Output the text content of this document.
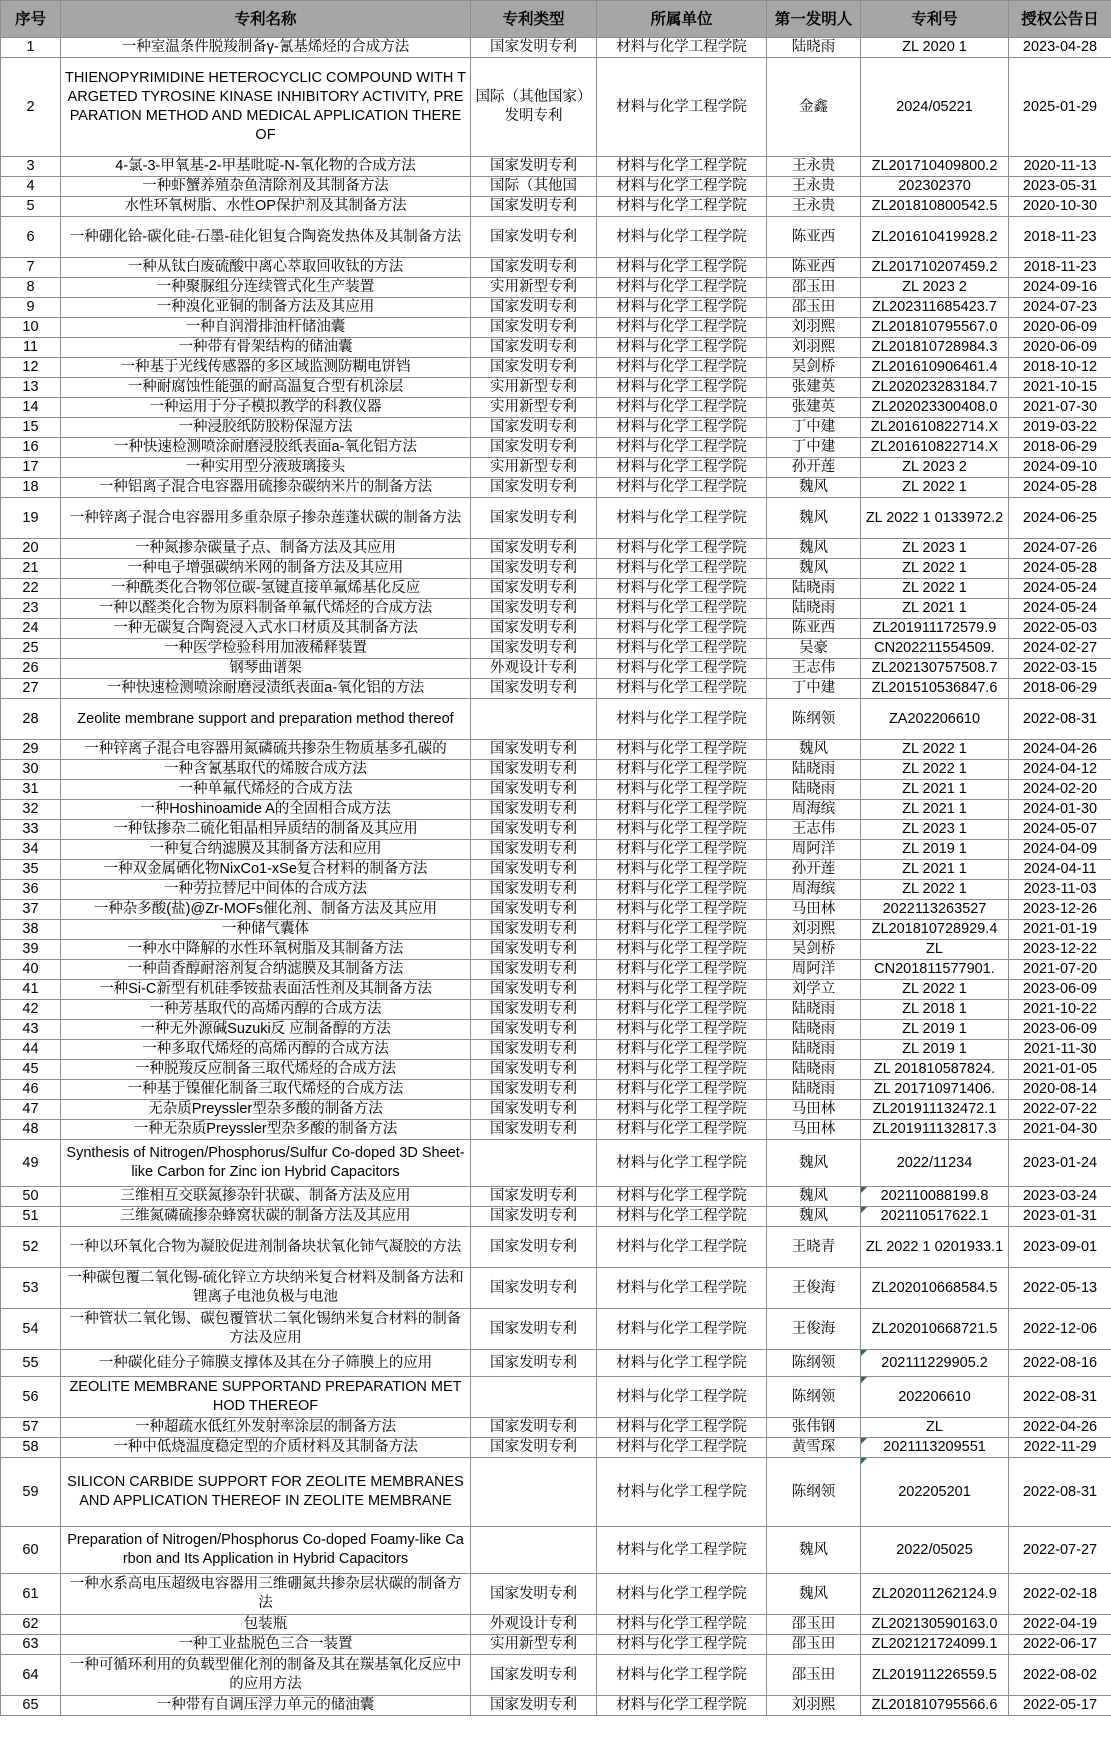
序号	专利名称	专利类型	所属单位	第一发明人	专利号	授权公告日
1	一种室温条件脱羧制备γ-氰基烯烃的合成方法	国家发明专利	材料与化学工程学院	陆晓雨	ZL 2020 1	2023-04-28
2	THIENOPYRIMIDINE HETEROCYCLIC COMPOUND WITH TARGETED TYROSINE KINASE INHIBITORY ACTIVITY, PREPARATION METHOD AND MEDICAL APPLICATION THEREOF	国际（其他国家）发明专利	材料与化学工程学院	金鑫	2024/05221	2025-01-29
3	4-氯-3-甲氧基-2-甲基吡啶-N-氧化物的合成方法	国家发明专利	材料与化学工程学院	王永贵	ZL201710409800.2	2020-11-13
4	一种虾蟹养殖杂鱼清除剂及其制备方法	国际（其他国	材料与化学工程学院	王永贵	202302370	2023-05-31
5	水性环氧树脂、水性OP保护剂及其制备方法	国家发明专利	材料与化学工程学院	王永贵	ZL201810800542.5	2020-10-30
6	一种硼化铪-碳化硅-石墨-硅化钽复合陶瓷发热体及其制备方法	国家发明专利	材料与化学工程学院	陈亚西	ZL201610419928.2	2018-11-23
7	一种从钛白废硫酸中离心萃取回收钛的方法	国家发明专利	材料与化学工程学院	陈亚西	ZL201710207459.2	2018-11-23
8	一种聚脲组分连续管式化生产装置	实用新型专利	材料与化学工程学院	邵玉田	ZL 2023 2	2024-09-16
9	一种溴化亚铜的制备方法及其应用	国家发明专利	材料与化学工程学院	邵玉田	ZL202311685423.7	2024-07-23
10	一种自润滑排油杆储油囊	国家发明专利	材料与化学工程学院	刘羽熙	ZL201810795567.0	2020-06-09
11	一种带有骨架结构的储油囊	国家发明专利	材料与化学工程学院	刘羽熙	ZL201810728984.3	2020-06-09
12	一种基于光线传感器的多区域监测防糊电饼铛	国家发明专利	材料与化学工程学院	吴剑桥	ZL201610906461.4	2018-10-12
13	一种耐腐蚀性能强的耐高温复合型有机涂层	实用新型专利	材料与化学工程学院	张建英	ZL202023283184.7	2021-10-15
14	一种运用于分子模拟教学的科教仪器	实用新型专利	材料与化学工程学院	张建英	ZL202023300408.0	2021-07-30
15	一种浸胶纸防胶粉保湿方法	国家发明专利	材料与化学工程学院	丁中建	ZL201610822714.X	2019-03-22
16	一种快速检测喷涂耐磨浸胶纸表面a-氧化铝方法	国家发明专利	材料与化学工程学院	丁中建	ZL201610822714.X	2018-06-29
17	一种实用型分液玻璃接头	实用新型专利	材料与化学工程学院	孙开莲	ZL 2023 2	2024-09-10
18	一种铝离子混合电容器用硫掺杂碳纳米片的制备方法	国家发明专利	材料与化学工程学院	魏风	ZL 2022 1	2024-05-28
19	一种锌离子混合电容器用多重杂原子掺杂莲蓬状碳的制备方法	国家发明专利	材料与化学工程学院	魏风	ZL 2022 1 0133972.2	2024-06-25
20	一种氮掺杂碳量子点、制备方法及其应用	国家发明专利	材料与化学工程学院	魏风	ZL 2023 1	2024-07-26
21	一种电子增强碳纳米网的制备方法及其应用	国家发明专利	材料与化学工程学院	魏风	ZL 2022 1	2024-05-28
22	一种酰类化合物邻位碳-氢键直接单氟烯基化反应	国家发明专利	材料与化学工程学院	陆晓雨	ZL 2022 1	2024-05-24
23	一种以醛类化合物为原料制备单氟代烯烃的合成方法	国家发明专利	材料与化学工程学院	陆晓雨	ZL 2021 1	2024-05-24
24	一种无碳复合陶瓷浸入式水口材质及其制备方法	国家发明专利	材料与化学工程学院	陈亚西	ZL201911172579.9	2022-05-03
25	一种医学检验科用加液稀释装置	国家发明专利	材料与化学工程学院	吴豪	CN202211554509.	2024-02-27
26	钢琴曲谱架	外观设计专利	材料与化学工程学院	王志伟	ZL202130757508.7	2022-03-15
27	一种快速检测喷涂耐磨浸渍纸表面a-氧化铝的方法	国家发明专利	材料与化学工程学院	丁中建	ZL201510536847.6	2018-06-29
28	Zeolite membrane support and preparation method thereof		材料与化学工程学院	陈纲领	ZA202206610	2022-08-31
29	一种锌离子混合电容器用氮磷硫共掺杂生物质基多孔碳的	国家发明专利	材料与化学工程学院	魏风	ZL 2022 1	2024-04-26
30	一种含氰基取代的烯胺合成方法	国家发明专利	材料与化学工程学院	陆晓雨	ZL 2022 1	2024-04-12
31	一种单氟代烯烃的合成方法	国家发明专利	材料与化学工程学院	陆晓雨	ZL 2021 1	2024-02-20
32	一种Hoshinoamide A的全固相合成方法	国家发明专利	材料与化学工程学院	周海缤	ZL 2021 1	2024-01-30
33	一种钛掺杂二硫化钼晶相异质结的制备及其应用	国家发明专利	材料与化学工程学院	王志伟	ZL 2023 1	2024-05-07
34	一种复合纳滤膜及其制备方法和应用	国家发明专利	材料与化学工程学院	周阿洋	ZL 2019 1	2024-04-09
35	一种双金属硒化物NixCo1-xSe复合材料的制备方法	国家发明专利	材料与化学工程学院	孙开莲	ZL 2021 1	2024-04-11
36	一种劳拉替尼中间体的合成方法	国家发明专利	材料与化学工程学院	周海缤	ZL 2022 1	2023-11-03
37	一种杂多酸(盐)@Zr-MOFs催化剂、制备方法及其应用	国家发明专利	材料与化学工程学院	马田林	2022113263527	2023-12-26
38	一种储气囊体	国家发明专利	材料与化学工程学院	刘羽熙	ZL201810728929.4	2021-01-19
39	一种水中降解的水性环氧树脂及其制备方法	国家发明专利	材料与化学工程学院	吴剑桥	ZL	2023-12-22
40	一种茴香醇耐溶剂复合纳滤膜及其制备方法	国家发明专利	材料与化学工程学院	周阿洋	CN201811577901.	2021-07-20
41	一种Si-C新型有机硅季铵盐表面活性剂及其制备方法	国家发明专利	材料与化学工程学院	刘学立	ZL 2022 1	2023-06-09
42	一种芳基取代的高烯丙醇的合成方法	国家发明专利	材料与化学工程学院	陆晓雨	ZL 2018 1	2021-10-22
43	一种无外源碱Suzuki反 应制备醇的方法	国家发明专利	材料与化学工程学院	陆晓雨	ZL 2019 1	2023-06-09
44	一种多取代烯烃的高烯丙醇的合成方法	国家发明专利	材料与化学工程学院	陆晓雨	ZL 2019 1	2021-11-30
45	一种脱羧反应制备三取代烯烃的合成方法	国家发明专利	材料与化学工程学院	陆晓雨	ZL 201810587824.	2021-01-05
46	一种基于镍催化制备三取代烯烃的合成方法	国家发明专利	材料与化学工程学院	陆晓雨	ZL 201710971406.	2020-08-14
47	无杂质Preyssler型杂多酸的制备方法	国家发明专利	材料与化学工程学院	马田林	ZL201911132472.1	2022-07-22
48	一种无杂质Preyssler型杂多酸的制备方法	国家发明专利	材料与化学工程学院	马田林	ZL201911132817.3	2021-04-30
49	Synthesis of Nitrogen/Phosphorus/Sulfur Co-doped 3D Sheet-like Carbon for Zinc ion Hybrid Capacitors		材料与化学工程学院	魏风	2022/11234	2023-01-24
50	三维相互交联氮掺杂针状碳、制备方法及应用	国家发明专利	材料与化学工程学院	魏风	202110088199.8	2023-03-24
51	三维氮磷硫掺杂蜂窝状碳的制备方法及其应用	国家发明专利	材料与化学工程学院	魏风	202110517622.1	2023-01-31
52	一种以环氧化合物为凝胶促进剂制备块状氧化铈气凝胶的方法	国家发明专利	材料与化学工程学院	王晓青	ZL 2022 1 0201933.1	2023-09-01
53	一种碳包覆二氧化锡-硫化锌立方块纳米复合材料及制备方法和锂离子电池负极与电池	国家发明专利	材料与化学工程学院	王俊海	ZL202010668584.5	2022-05-13
54	一种管状二氧化锡、碳包覆管状二氧化锡纳米复合材料的制备方法及应用	国家发明专利	材料与化学工程学院	王俊海	ZL202010668721.5	2022-12-06
55	一种碳化硅分子筛膜支撑体及其在分子筛膜上的应用	国家发明专利	材料与化学工程学院	陈纲领	202111229905.2	2022-08-16
56	ZEOLITE MEMBRANE SUPPORTAND PREPARATION METHOD THEREOF		材料与化学工程学院	陈纲领	202206610	2022-08-31
57	一种超疏水低红外发射率涂层的制备方法	国家发明专利	材料与化学工程学院	张伟钢	ZL	2022-04-26
58	一种中低烧温度稳定型的介质材料及其制备方法	国家发明专利	材料与化学工程学院	黄雪琛	2021113209551	2022-11-29
59	SILICON CARBIDE SUPPORT FOR ZEOLITE MEMBRANES AND APPLICATION THEREOF IN ZEOLITE MEMBRANE		材料与化学工程学院	陈纲领	202205201	2022-08-31
60	Preparation of Nitrogen/Phosphorus Co-doped Foamy-like Carbon and Its Application in Hybrid Capacitors		材料与化学工程学院	魏风	2022/05025	2022-07-27
61	一种水系高电压超级电容器用三维硼氮共掺杂层状碳的制备方法	国家发明专利	材料与化学工程学院	魏风	ZL202011262124.9	2022-02-18
62	包装瓶	外观设计专利	材料与化学工程学院	邵玉田	ZL202130590163.0	2022-04-19
63	一种工业盐脱色三合一装置	实用新型专利	材料与化学工程学院	邵玉田	ZL202121724099.1	2022-06-17
64	一种可循环利用的负载型催化剂的制备及其在羰基氧化反应中的应用方法	国家发明专利	材料与化学工程学院	邵玉田	ZL201911226559.5	2022-08-02
65	一种带有自调压浮力单元的储油囊	国家发明专利	材料与化学工程学院	刘羽熙	ZL201810795566.6	2022-05-17
